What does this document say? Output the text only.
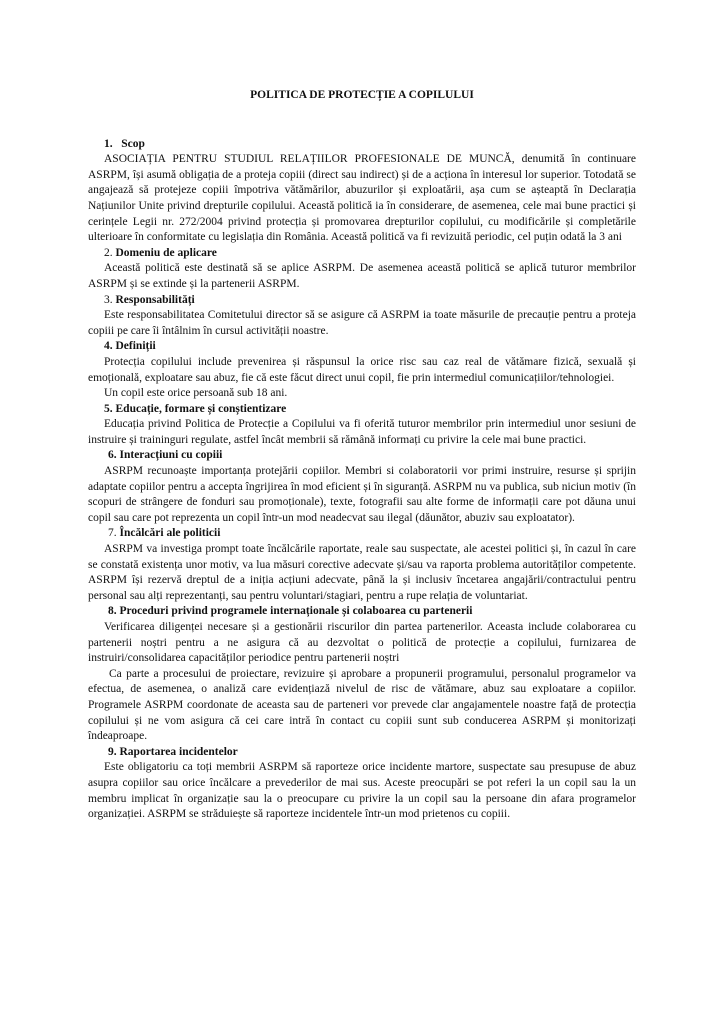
POLITICA DE PROTECȚIE A COPILULUI

1. Scop

ASOCIAȚIA PENTRU STUDIUL RELAȚIILOR PROFESIONALE DE MUNCĂ, denumită în continuare ASRPM, își asumă obligația de a proteja copiii (direct sau indirect) și de a acționa în interesul lor superior. Totodată se angajează să protejeze copiii împotriva vătămărilor, abuzurilor și exploatării, așa cum se așteaptă în Declarația Națiunilor Unite privind drepturile copilului. Această politică ia în considerare, de asemenea, cele mai bune practici și cerințele Legii nr. 272/2004 privind protecția și promovarea drepturilor copilului, cu modificările și completările ulterioare în conformitate cu legislația din România. Această politică va fi revizuită periodic, cel puțin odată la 3 ani

2. Domeniu de aplicare

Această politică este destinată să se aplice ASRPM. De asemenea această politică se aplică tuturor membrilor ASRPM și se extinde și la partenerii ASRPM.

3. Responsabilități

Este responsabilitatea Comitetului director să se asigure că ASRPM ia toate măsurile de precauție pentru a proteja copiii pe care îi întâlnim în cursul activității noastre.

4. Definiții

Protecția copilului include prevenirea și răspunsul la orice risc sau caz real de vătămare fizică, sexuală și emoțională, exploatare sau abuz, fie că este făcut direct unui copil, fie prin intermediul comunicațiilor/tehnologiei.

Un copil este orice persoană sub 18 ani.

5. Educație, formare și conștientizare

Educația privind Politica de Protecție a Copilului va fi oferită tuturor membrilor prin intermediul unor sesiuni de instruire și traininguri regulate, astfel încât membrii să rămână informați cu privire la cele mai bune practici.

6. Interacțiuni cu copiii

ASRPM recunoaște importanța protejării copiilor. Membri si colaboratorii vor primi instruire, resurse și sprijin adaptate copiilor pentru a accepta îngrijirea în mod eficient și în siguranță. ASRPM nu va publica, sub niciun motiv (în scopuri de strângere de fonduri sau promoționale), texte, fotografii sau alte forme de informații care pot dăuna unui copil sau care pot reprezenta un copil într-un mod neadecvat sau ilegal (dăunător, abuziv sau exploatator).

7. Încălcări ale politicii

ASRPM va investiga prompt toate încălcările raportate, reale sau suspectate, ale acestei politici și, în cazul în care se constată existența unor motiv, va lua măsuri corective adecvate și/sau va raporta problema autorităților competente. ASRPM își rezervă dreptul de a iniția acțiuni adecvate, până la și inclusiv încetarea angajării/contractului pentru personal sau alți reprezentanți, sau pentru voluntari/stagiari, pentru a rupe relația de voluntariat.

8. Proceduri privind programele internaționale și colaboarea cu partenerii

Verificarea diligenței necesare și a gestionării riscurilor din partea partenerilor. Aceasta include colaborarea cu partenerii noștri pentru a ne asigura că au dezvoltat o politică de protecție a copilului, furnizarea de instruiri/consolidarea capacităților periodice pentru partenerii noștri

Ca parte a procesului de proiectare, revizuire și aprobare a propunerii programului, personalul programelor va efectua, de asemenea, o analiză care evidențiază nivelul de risc de vătămare, abuz sau exploatare a copiilor. Programele ASRPM coordonate de aceasta sau de parteneri vor prevede clar angajamentele noastre față de protecția copilului și ne vom asigura că cei care intră în contact cu copiii sunt sub conducerea ASRPM și monitorizați îndeaproape.

9. Raportarea incidentelor

Este obligatoriu ca toți membrii ASRPM să raporteze orice incidente martore, suspectate sau presupuse de abuz asupra copiilor sau orice încălcare a prevederilor de mai sus. Aceste preocupări se pot referi la un copil sau la un membru implicat în organizație sau la o preocupare cu privire la un copil sau la persoane din afara programelor organizației. ASRPM se străduiește să raporteze incidentele într-un mod prietenos cu copiii.
